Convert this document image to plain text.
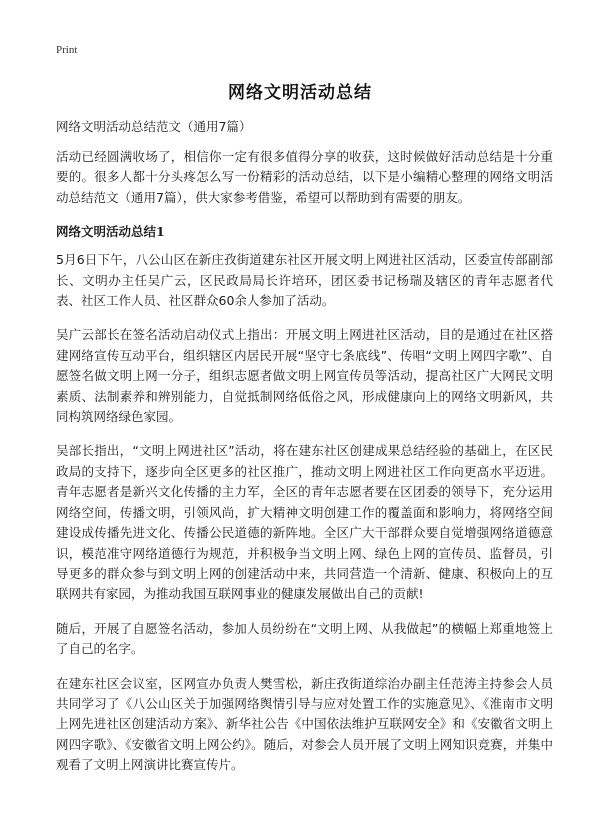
Print
网络文明活动总结
网络文明活动总结范文（通用7篇）

活动已经圆满收场了，相信你一定有很多值得分享的收获，这时候做好活动总结是十分重要的。很多人都十分头疼怎么写一份精彩的活动总结，以下是小编精心整理的网络文明活动总结范文（通用7篇），供大家参考借鉴，希望可以帮助到有需要的朋友。

网络文明活动总结1

5月6日下午，八公山区在新庄孜街道建东社区开展文明上网进社区活动，区委宣传部副部长、文明办主任吴广云，区民政局局长许培环，团区委书记杨瑞及辖区的青年志愿者代表、社区工作人员、社区群众60余人参加了活动。

吴广云部长在签名活动启动仪式上指出：开展文明上网进社区活动，目的是通过在社区搭建网络宣传互动平台，组织辖区内居民开展“坚守七条底线”、传唱“文明上网四字歌”、自愿签名做文明上网一分子，组织志愿者做文明上网宣传员等活动，提高社区广大网民文明素质、法制素养和辨别能力，自觉抵制网络低俗之风，形成健康向上的网络文明新风，共同构筑网络绿色家园。

吴部长指出，“文明上网进社区”活动，将在建东社区创建成果总结经验的基础上，在区民政局的支持下，逐步向全区更多的社区推广，推动文明上网进社区工作向更高水平迈进。青年志愿者是新兴文化传播的主力军，全区的青年志愿者要在区团委的领导下，充分运用网络空间，传播文明，引领风尚，扩大精神文明创建工作的覆盖面和影响力，将网络空间建设成传播先进文化、传播公民道德的新阵地。全区广大干部群众要自觉增强网络道德意识，模范准守网络道德行为规范，并积极争当文明上网、绿色上网的宣传员、监督员，引导更多的群众参与到文明上网的创建活动中来，共同营造一个清新、健康、积极向上的互联网共有家园，为推动我国互联网事业的健康发展做出自己的贡献!

随后，开展了自愿签名活动，参加人员纷纷在“文明上网、从我做起”的横幅上郑重地签上了自己的名字。

在建东社区会议室，区网宣办负责人樊雪松，新庄孜街道综治办副主任范涛主持参会人员共同学习了《八公山区关于加强网络舆情引导与应对处置工作的实施意见》、《淮南市文明上网先进社区创建活动方案》、新华社公告《中国依法维护互联网安全》和《安徽省文明上网四字歌》、《安徽省文明上网公约》。随后，对参会人员开展了文明上网知识竞赛，并集中观看了文明上网演讲比赛宣传片。
